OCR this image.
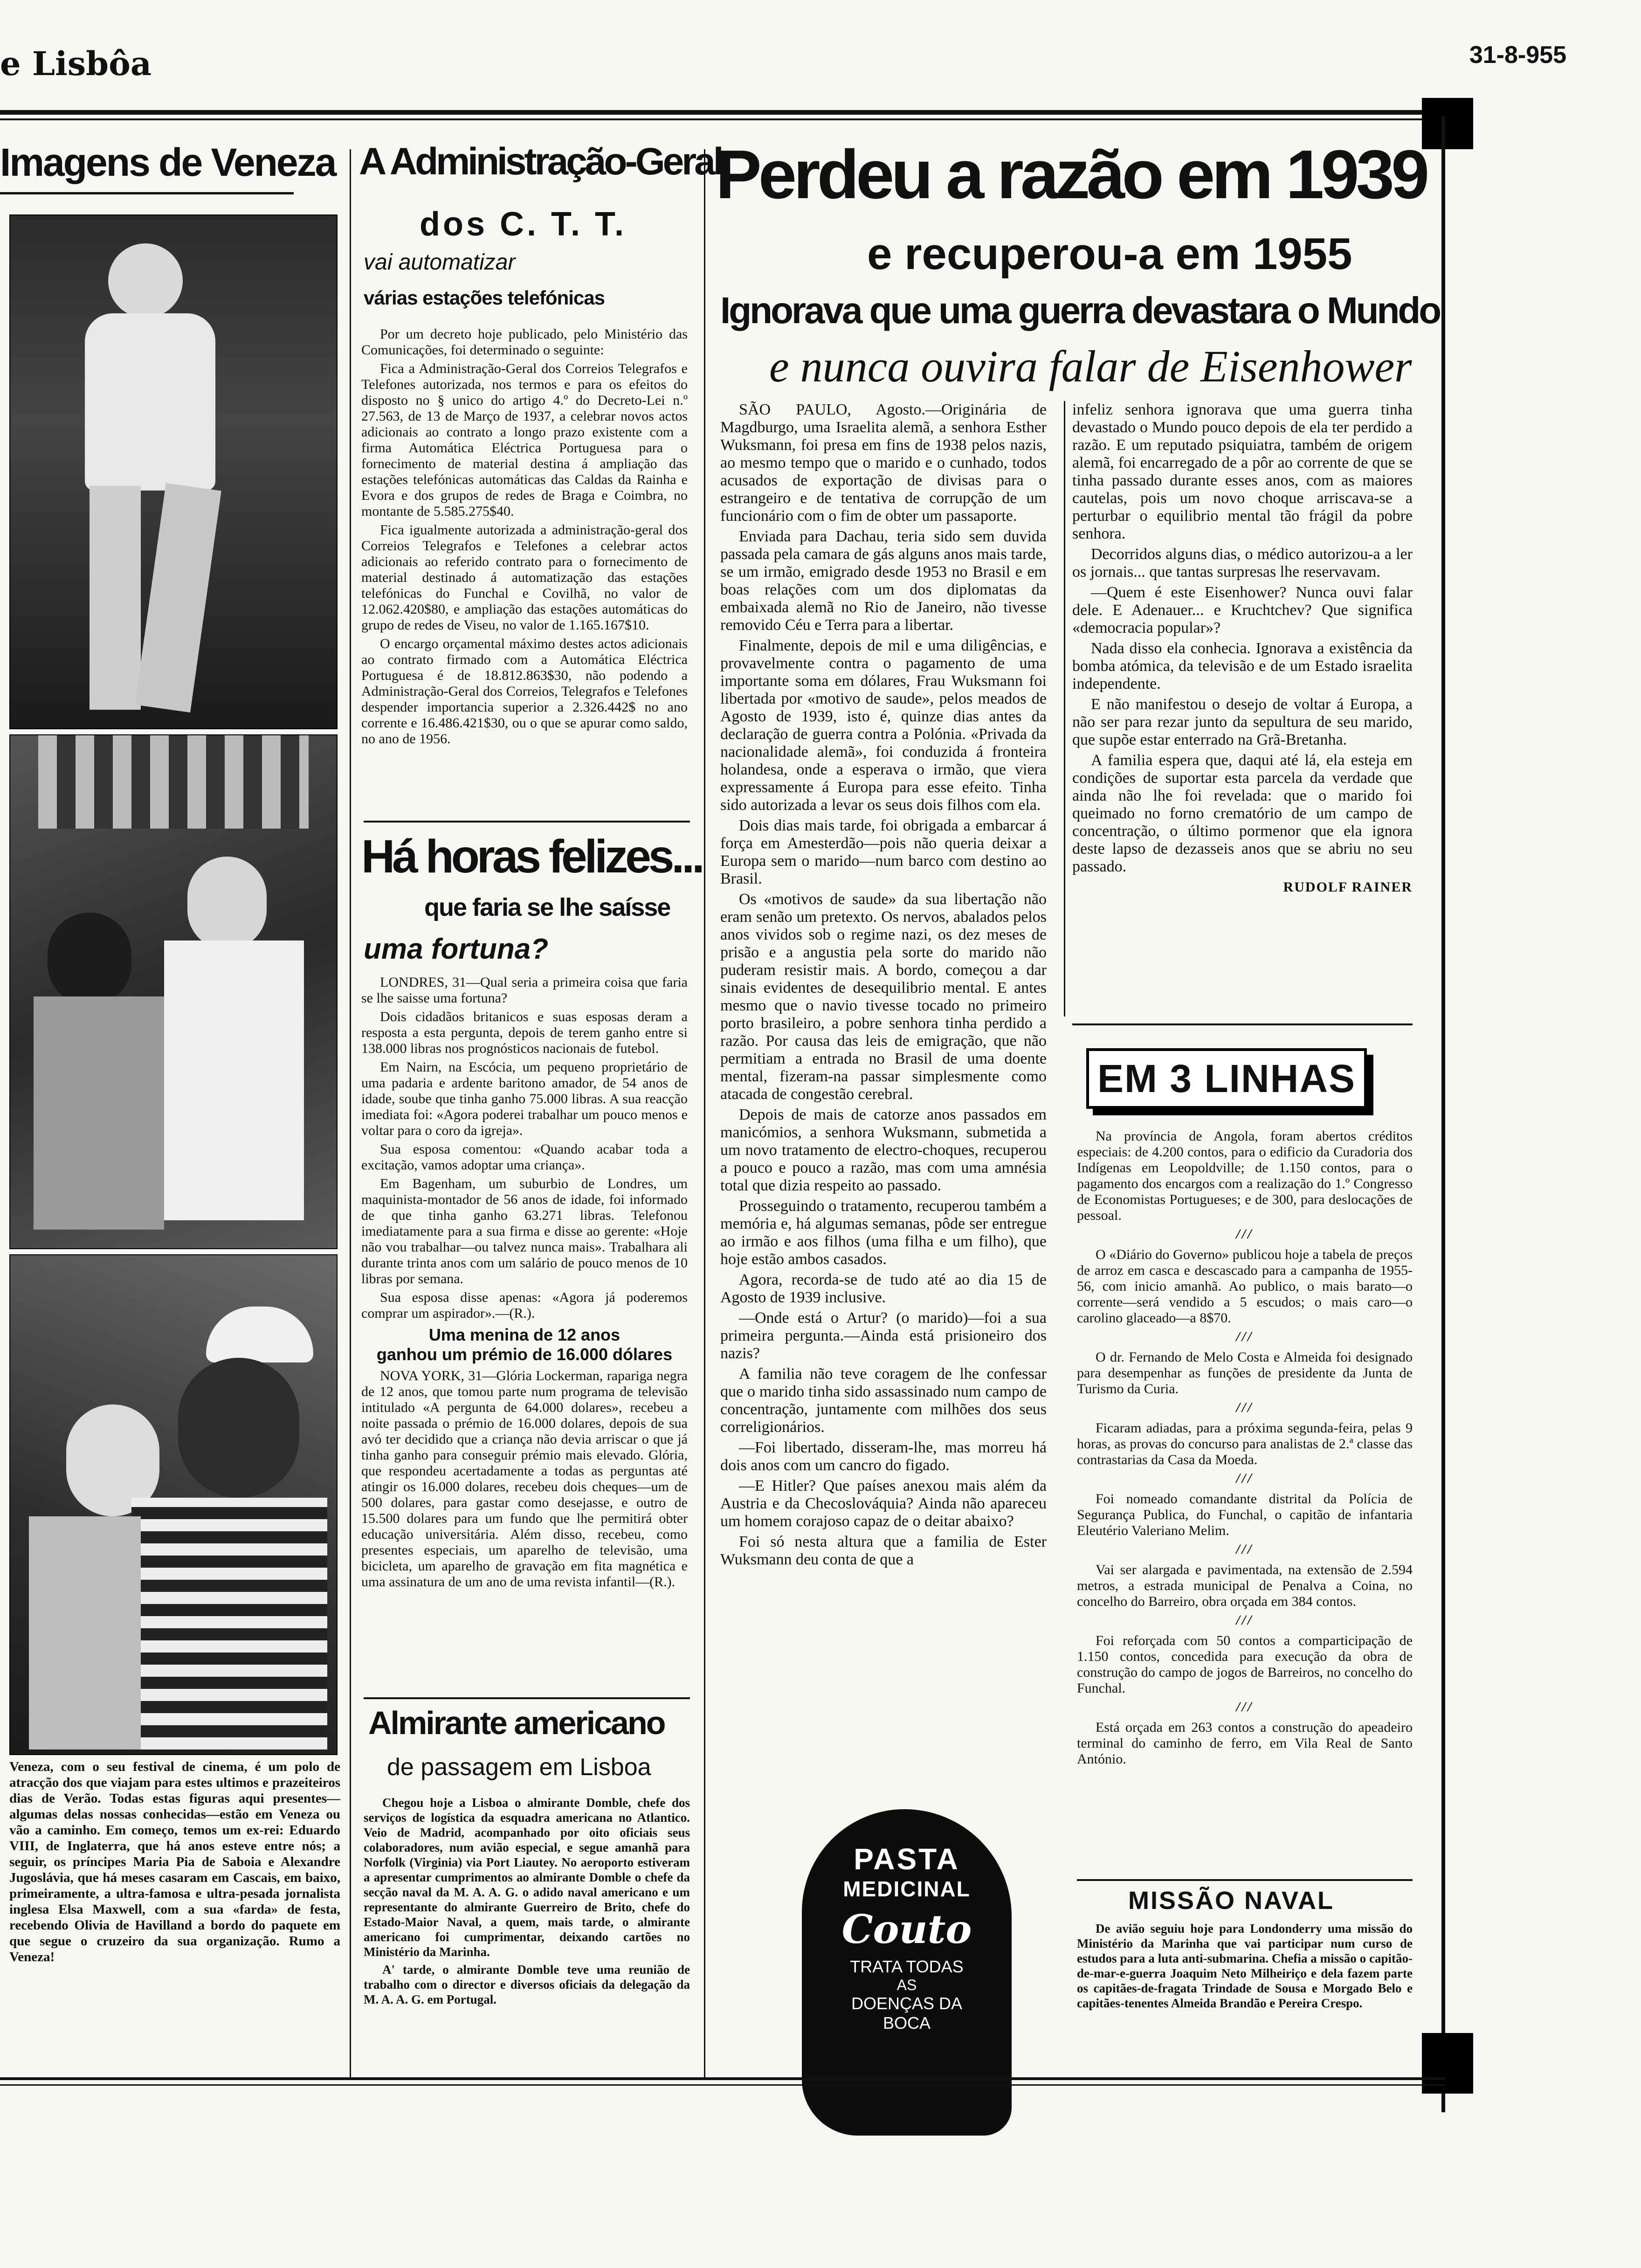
e Lisbôa	31-8-955
Imagens de Veneza

Veneza, com o seu festival de cinema, é um polo de atracção dos que viajam para estes ultimos e prazeiteiros dias de Verão. Todas estas figuras aqui presentes—algumas delas nossas conhecidas—estão em Veneza ou vão a caminho. Em começo, temos um ex-rei: Eduardo VIII, de Inglaterra, que há anos esteve entre nós; a seguir, os príncipes Maria Pia de Saboia e Alexandre Jugoslávia, que há meses casaram em Cascais, em baixo, primeiramente, a ultra-famosa e ultra-pesada jornalista inglesa Elsa Maxwell, com a sua «farda» de festa, recebendo Olivia de Havilland a bordo do paquete em que segue o cruzeiro da sua organização. Rumo a Veneza!

A Administração-Geral
dos C. T. T.
vai automatizar
várias estações telefónicas

Por um decreto hoje publicado, pelo Ministério das Comunicações, foi determinado o seguinte:

Fica a Administração-Geral dos Correios Telegrafos e Telefones autorizada, nos termos e para os efeitos do disposto no § unico do artigo 4.º do Decreto-Lei n.º 27.563, de 13 de Março de 1937, a celebrar novos actos adicionais ao contrato a longo prazo existente com a firma Automática Eléctrica Portuguesa para o fornecimento de material destina á ampliação das estações telefónicas automáticas das Caldas da Rainha e Evora e dos grupos de redes de Braga e Coimbra, no montante de 5.585.275$40.

Fica igualmente autorizada a administração-geral dos Correios Telegrafos e Telefones a celebrar actos adicionais ao referido contrato para o fornecimento de material destinado á automatização das estações telefónicas do Funchal e Covilhã, no valor de 12.062.420$80, e ampliação das estações automáticas do grupo de redes de Viseu, no valor de 1.165.167$10.

O encargo orçamental máximo destes actos adicionais ao contrato firmado com a Automática Eléctrica Portuguesa é de 18.812.863$30, não podendo a Administração-Geral dos Correios, Telegrafos e Telefones despender importancia superior a 2.326.442$ no ano corrente e 16.486.421$30, ou o que se apurar como saldo, no ano de 1956.

Há horas felizes...
que faria se lhe saísse
uma fortuna?

LONDRES, 31—Qual seria a primeira coisa que faria se lhe saisse uma fortuna?

Dois cidadãos britanicos e suas esposas deram a resposta a esta pergunta, depois de terem ganho entre si 138.000 libras nos prognósticos nacionais de futebol.

Em Nairn, na Escócia, um pequeno proprietário de uma padaria e ardente baritono amador, de 54 anos de idade, soube que tinha ganho 75.000 libras. A sua reacção imediata foi: «Agora poderei trabalhar um pouco menos e voltar para o coro da igreja».

Sua esposa comentou: «Quando acabar toda a excitação, vamos adoptar uma criança».

Em Bagenham, um suburbio de Londres, um maquinista-montador de 56 anos de idade, foi informado de que tinha ganho 63.271 libras. Telefonou imediatamente para a sua firma e disse ao gerente: «Hoje não vou trabalhar—ou talvez nunca mais». Trabalhara ali durante trinta anos com um salário de pouco menos de 10 libras por semana.

Sua esposa disse apenas: «Agora já poderemos comprar um aspirador».—(R.).

Uma menina de 12 anos
ganhou um prémio de 16.000 dólares

NOVA YORK, 31—Glória Lockerman, rapariga negra de 12 anos, que tomou parte num programa de televisão intitulado «A pergunta de 64.000 dolares», recebeu a noite passada o prémio de 16.000 dolares, depois de sua avó ter decidido que a criança não devia arriscar o que já tinha ganho para conseguir prémio mais elevado. Glória, que respondeu acertadamente a todas as perguntas até atingir os 16.000 dolares, recebeu dois cheques—um de 500 dolares, para gastar como desejasse, e outro de 15.500 dolares para um fundo que lhe permitirá obter educação universitária. Além disso, recebeu, como presentes especiais, um aparelho de televisão, uma bicicleta, um aparelho de gravação em fita magnética e uma assinatura de um ano de uma revista infantil—(R.).

Almirante americano
de passagem em Lisboa

Chegou hoje a Lisboa o almirante Domble, chefe dos serviços de logística da esquadra americana no Atlantico. Veio de Madrid, acompanhado por oito oficiais seus colaboradores, num avião especial, e segue amanhã para Norfolk (Virginia) via Port Liautey. No aeroporto estiveram a apresentar cumprimentos ao almirante Domble o chefe da secção naval da M. A. A. G. o adido naval americano e um representante do almirante Guerreiro de Brito, chefe do Estado-Maior Naval, a quem, mais tarde, o almirante americano foi cumprimentar, deixando cartões no Ministério da Marinha.

A' tarde, o almirante Domble teve uma reunião de trabalho com o director e diversos oficiais da delegação da M. A. A. G. em Portugal.

Perdeu a razão em 1939
e recuperou-a em 1955
Ignorava que uma guerra devastara o Mundo
e nunca ouvira falar de Eisenhower

SÃO PAULO, Agosto.—Originária de Magdburgo, uma Israelita alemã, a senhora Esther Wuksmann, foi presa em fins de 1938 pelos nazis, ao mesmo tempo que o marido e o cunhado, todos acusados de exportação de divisas para o estrangeiro e de tentativa de corrupção de um funcionário com o fim de obter um passaporte.

Enviada para Dachau, teria sido sem duvida passada pela camara de gás alguns anos mais tarde, se um irmão, emigrado desde 1953 no Brasil e em boas relações com um dos diplomatas da embaixada alemã no Rio de Janeiro, não tivesse removido Céu e Terra para a libertar.

Finalmente, depois de mil e uma diligências, e provavelmente contra o pagamento de uma importante soma em dólares, Frau Wuksmann foi libertada por «motivo de saude», pelos meados de Agosto de 1939, isto é, quinze dias antes da declaração de guerra contra a Polónia. «Privada da nacionalidade alemã», foi conduzida á fronteira holandesa, onde a esperava o irmão, que viera expressamente á Europa para esse efeito. Tinha sido autorizada a levar os seus dois filhos com ela.

Dois dias mais tarde, foi obrigada a embarcar á força em Amesterdão—pois não queria deixar a Europa sem o marido—num barco com destino ao Brasil.

Os «motivos de saude» da sua libertação não eram senão um pretexto. Os nervos, abalados pelos anos vividos sob o regime nazi, os dez meses de prisão e a angustia pela sorte do marido não puderam resistir mais. A bordo, começou a dar sinais evidentes de desequilibrio mental. E antes mesmo que o navio tivesse tocado no primeiro porto brasileiro, a pobre senhora tinha perdido a razão. Por causa das leis de emigração, que não permitiam a entrada no Brasil de uma doente mental, fizeram-na passar simplesmente como atacada de congestão cerebral.

Depois de mais de catorze anos passados em manicómios, a senhora Wuksmann, submetida a um novo tratamento de electro-choques, recuperou a pouco e pouco a razão, mas com uma amnésia total que dizia respeito ao passado.

Prosseguindo o tratamento, recuperou também a memória e, há algumas semanas, pôde ser entregue ao irmão e aos filhos (uma filha e um filho), que hoje estão ambos casados.

Agora, recorda-se de tudo até ao dia 15 de Agosto de 1939 inclusive.

—Onde está o Artur? (o marido)—foi a sua primeira pergunta.—Ainda está prisioneiro dos nazis?

A familia não teve coragem de lhe confessar que o marido tinha sido assassinado num campo de concentração, juntamente com milhões dos seus correligionários.

—Foi libertado, disseram-lhe, mas morreu há dois anos com um cancro do figado.

—E Hitler? Que países anexou mais além da Austria e da Checoslováquia? Ainda não apareceu um homem corajoso capaz de o deitar abaixo?

Foi só nesta altura que a familia de Ester Wuksmann deu conta de que a

infeliz senhora ignorava que uma guerra tinha devastado o Mundo pouco depois de ela ter perdido a razão. E um reputado psiquiatra, também de origem alemã, foi encarregado de a pôr ao corrente de que se tinha passado durante esses anos, com as maiores cautelas, pois um novo choque arriscava-se a perturbar o equilibrio mental tão frágil da pobre senhora.

Decorridos alguns dias, o médico autorizou-a a ler os jornais... que tantas surpresas lhe reservavam.

—Quem é este Eisenhower? Nunca ouvi falar dele. E Adenauer... e Kruchtchev? Que significa «democracia popular»?

Nada disso ela conhecia. Ignorava a existência da bomba atómica, da televisão e de um Estado israelita independente.

E não manifestou o desejo de voltar á Europa, a não ser para rezar junto da sepultura de seu marido, que supõe estar enterrado na Grã-Bretanha.

A familia espera que, daqui até lá, ela esteja em condições de suportar esta parcela da verdade que ainda não lhe foi revelada: que o marido foi queimado no forno crematório de um campo de concentração, o último pormenor que ela ignora deste lapso de dezasseis anos que se abriu no seu passado.

RUDOLF RAINER
EM 3 LINHAS

Na província de Angola, foram abertos créditos especiais: de 4.200 contos, para o edificio da Curadoria dos Indígenas em Leopoldville; de 1.150 contos, para o pagamento dos encargos com a realização do 1.º Congresso de Economistas Portugueses; e de 300, para deslocações de pessoal.

///

O «Diário do Governo» publicou hoje a tabela de preços de arroz em casca e descascado para a campanha de 1955-56, com inicio amanhã. Ao publico, o mais barato—o corrente—será vendido a 5 escudos; o mais caro—o carolino glaceado—a 8$70.

///

O dr. Fernando de Melo Costa e Almeida foi designado para desempenhar as funções de presidente da Junta de Turismo da Curia.

///

Ficaram adiadas, para a próxima segunda-feira, pelas 9 horas, as provas do concurso para analistas de 2.ª classe das contrastarias da Casa da Moeda.

///

Foi nomeado comandante distrital da Polícia de Segurança Publica, do Funchal, o capitão de infantaria Eleutério Valeriano Melim.

///

Vai ser alargada e pavimentada, na extensão de 2.594 metros, a estrada municipal de Penalva a Coina, no concelho do Barreiro, obra orçada em 384 contos.

///

Foi reforçada com 50 contos a comparticipação de 1.150 contos, concedida para execução da obra de construção do campo de jogos de Barreiros, no concelho do Funchal.

///

Está orçada em 263 contos a construção do apeadeiro terminal do caminho de ferro, em Vila Real de Santo António.

MISSÃO NAVAL

De avião seguiu hoje para Londonderry uma missão do Ministério da Marinha que vai participar num curso de estudos para a luta anti-submarina. Chefia a missão o capitão-de-mar-e-guerra Joaquim Neto Milheiriço e dela fazem parte os capitães-de-fragata Trindade de Sousa e Morgado Belo e capitães-tenentes Almeida Brandão e Pereira Crespo.

PASTA
MEDICINAL
Couto
TRATA TODAS
AS
DOENÇAS DA
BOCA
